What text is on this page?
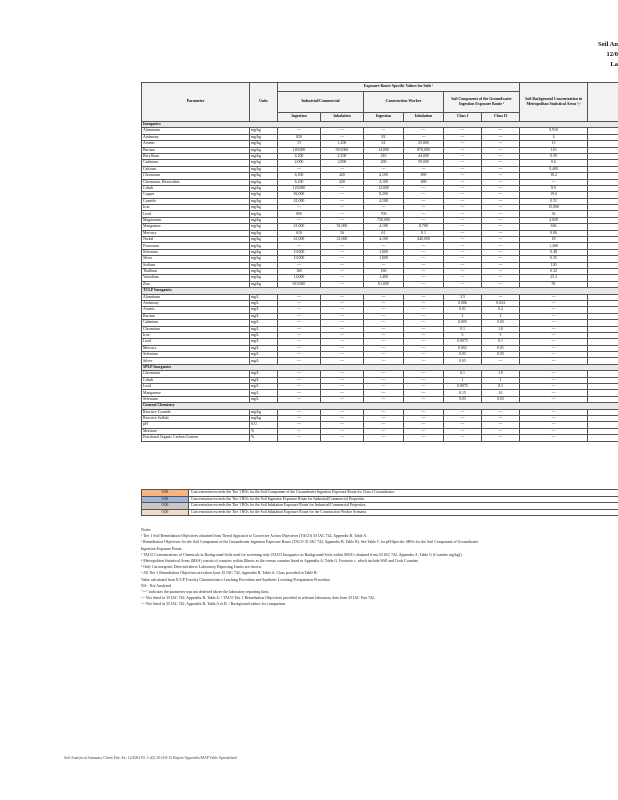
Soil An
12/0
La
Parameter	Units	Exposure Route-Specific Values for Soils ¹						Soil Background Concentration in Metropolitan Statistical Areas ⁴,⁵	
		Industrial/Commercial		Construction Worker		Soil Component of the Groundwater Ingestion Exposure Route ³			
		Ingestion	Inhalation	Ingestion	Inhalation	Class I	Class II		
Inorganics									
Aluminum	mg/kg	---	---	---	---	---	---	9,910	
Antimony	mg/kg	820	---	82	---	---	---	4	
Arsenic	mg/kg	13	1,200	61	25,000	---	---	13	
Barium	mg/kg	140,000	910,000	14,000	870,000	---	---	110	
Beryllium	mg/kg	4,100	2,100	410	44,000	---	---	0.59	
Cadmium	mg/kg	2,000	2,800	200	59,000	---	---	0.6	
Calcium	mg/kg	---	---	---	---	---	---	9,400	
Chromium	mg/kg	6,100	420	4,100	690	---	---	16.2	
Chromium, Hexavalent	mg/kg	6,100	420	4,100	690	---	---	---	
Cobalt	mg/kg	120,000	---	12,000	---	---	---	8.9	
Copper	mg/kg	82,000	---	8,200	---	---	---	19.6	
Cyanide	mg/kg	41,000	---	4,100	---	---	---	0.51	
Iron	mg/kg	---	---	---	---	---	---	15,900	
Lead	mg/kg	800	---	700	---	---	---	36	
Magnesium	mg/kg	---	---	730,000	---	---	---	4,820	
Manganese	mg/kg	41,000	91,000	4,100	8,700	---	---	636	
Mercury	mg/kg	610	16	61	0.1	---	---	0.06	
Nickel	mg/kg	41,000	21,000	4,100	440,000	---	---	18	
Potassium	mg/kg	---	---	---	---	---	---	1,268	
Selenium	mg/kg	10,000	---	1,000	---	---	---	0.48	
Silver	mg/kg	10,000	---	1,000	---	---	---	0.55	
Sodium	mg/kg	---	---	---	---	---	---	130	
Thallium	mg/kg	160	---	160	---	---	---	0.32	
Vanadium	mg/kg	14,000	---	1,400	---	---	---	25.2	
Zinc	mg/kg	610,000	---	61,000	---	---	---	95	
TCLP Inorganics									
Aluminum	mg/L	---	---	---	---	3.5	---	---	
Antimony	mg/L	---	---	---	---	0.006	0.024	---	
Arsenic	mg/L	---	---	---	---	0.01	0.2	---	
Barium	mg/L	---	---	---	---	2	2	---	
Cadmium	mg/L	---	---	---	---	0.005	0.05	---	
Chromium	mg/L	---	---	---	---	0.1	1.0	---	
Iron	mg/L	---	---	---	---	5	5	---	
Lead	mg/L	---	---	---	---	0.0075	0.1	---	
Mercury	mg/L	---	---	---	---	0.002	0.01	---	
Selenium	mg/L	---	---	---	---	0.05	0.05	---	
Silver	mg/L	---	---	---	---	0.05	---	---	
SPLP Inorganics									
Chromium	mg/L	---	---	---	---	0.1	1.0	---	
Cobalt	mg/L	---	---	---	---	1	1	---	
Lead	mg/L	---	---	---	---	0.0075	0.1	---	
Manganese	mg/L	---	---	---	---	0.15	10	---	
Selenium	mg/L	---	---	---	---	0.05	0.05	---	
General Chemistry									
Reactive Cyanide	mg/kg	---	---	---	---	---	---	---	
Reactive Sulfide	mg/kg	---	---	---	---	---	---	---	
pH	S.U.	---	---	---	---	---	---	---	
Moisture	%	---	---	---	---	---	---	---	
Fractional Organic Carbon Content	%	---	---	---	---	---	---	---	
0.00	Concentration exceeds the Tier 1 ROs for the Soil Component of the Groundwater Ingestion Exposure Route for Class I Groundwater.
0.00	Concentration exceeds the Tier 1 ROs for the Soil Ingestion Exposure Route for Industrial/Commercial Properties.
0.00	Concentration exceeds the Tier 1 ROs for the Soil Inhalation Exposure Route for Industrial/Commercial Properties.
0.00	Concentration exceeds the Tier 1 ROs for the Soil Inhalation Exposure Route for the Construction Worker Scenario.
Notes:
¹ Tier 1 Soil Remediation Objectives obtained from Tiered Approach to Corrective Action Objectives (TACO) 35 IAC 742, Appendix B, Table A.
² Remediation Objectives for the Soil Component of the Groundwater Ingestion Exposure Route (TACO 35 IAC 742, Appendix B, Table B). See Table C for pH-Specific SROs for the Soil Component of Groundwater
Ingestion Exposure Route.
³ TACO Concentrations of Chemicals in Background Soils used for screening only (TACO Inorganics in Background Soils within MSA's obtained from 35 IAC 742, Appendix A, Table G (Counties mg/kg)).
⁴ Metropolitan Statistical Areas (MSA) consist of counties within Illinois as the census counties listed in Appendix A, Table G, Footnote c, which include Will and Cook Counties.
⁵ Only Carcinogenic Detected above Laboratory Reporting Limits are shown.
⁶ All Tier 1 Remediation Objectives are taken from 35 IAC 742, Appendix B, Table A. Class provided in Table B.
Value calculated from ICCP Toxicity Characteristics Leaching Procedure and Synthetic Leaching Precipitation Procedure.
NA - Not Analyzed
"---" indicates the parameter was not detected above the laboratory reporting limit.
--- Not listed in 35 IAC 742, Appendix B, Table A. / TACO Tier 1 Remediation Objectives provided in relevant laboratory data from 35 IAC Part 742.
--- Not listed in 35 IAC 742, Appendix B, Table A or B. / Background values for comparison.
Soil Analytical Summary Client File: Ex: 12/2004 Bl. 1-4(f) 2014-8-12 Report/Appendix/MAP Table Spreadsheet
